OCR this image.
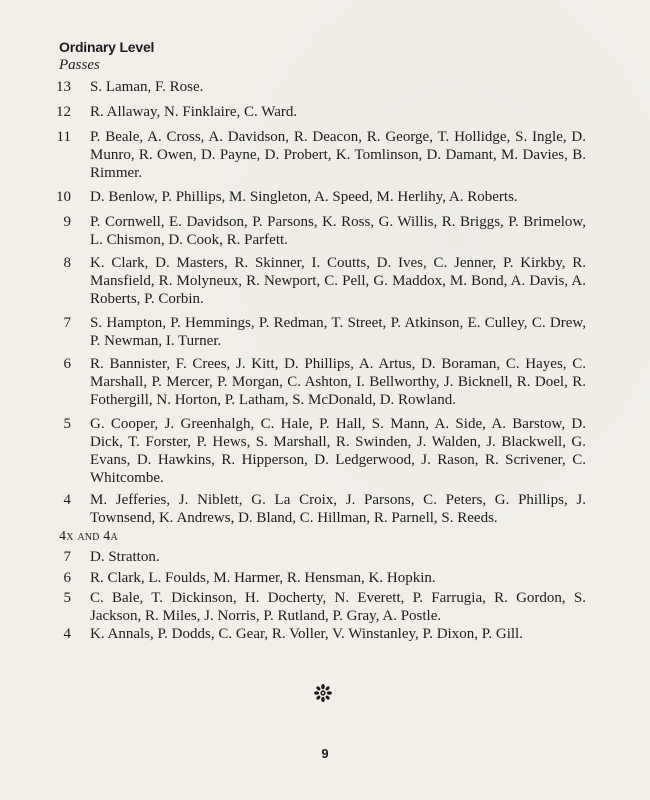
Ordinary Level
Passes
13 S. Laman, F. Rose.
12 R. Allaway, N. Finklaire, C. Ward.
11 P. Beale, A. Cross, A. Davidson, R. Deacon, R. George, T. Hollidge, S. Ingle, D. Munro, R. Owen, D. Payne, D. Probert, K. Tomlinson, D. Damant, M. Davies, B. Rimmer.
10 D. Benlow, P. Phillips, M. Singleton, A. Speed, M. Herlihy, A. Roberts.
9 P. Cornwell, E. Davidson, P. Parsons, K. Ross, G. Willis, R. Briggs, P. Brimelow, L. Chismon, D. Cook, R. Parfett.
8 K. Clark, D. Masters, R. Skinner, I. Coutts, D. Ives, C. Jenner, P. Kirkby, R. Mansfield, R. Molyneux, R. Newport, C. Pell, G. Maddox, M. Bond, A. Davis, A. Roberts, P. Corbin.
7 S. Hampton, P. Hemmings, P. Redman, T. Street, P. Atkinson, E. Culley, C. Drew, P. Newman, I. Turner.
6 R. Bannister, F. Crees, J. Kitt, D. Phillips, A. Artus, D. Boraman, C. Hayes, C. Marshall, P. Mercer, P. Morgan, C. Ashton, I. Bellworthy, J. Bicknell, R. Doel, R. Fothergill, N. Horton, P. Latham, S. McDonald, D. Rowland.
5 G. Cooper, J. Greenhalgh, C. Hale, P. Hall, S. Mann, A. Side, A. Barstow, D. Dick, T. Forster, P. Hews, S. Marshall, R. Swinden, J. Walden, J. Blackwell, G. Evans, D. Hawkins, R. Hipperson, D. Ledgerwood, J. Rason, R. Scrivener, C. Whitcombe.
4 M. Jefferies, J. Niblett, G. La Croix, J. Parsons, C. Peters, G. Phillips, J. Townsend, K. Andrews, D. Bland, C. Hillman, R. Parnell, S. Reeds.
4x and 4a
7 D. Stratton.
6 R. Clark, L. Foulds, M. Harmer, R. Hensman, K. Hopkin.
5 C. Bale, T. Dickinson, H. Docherty, N. Everett, P. Farrugia, R. Gordon, S. Jackson, R. Miles, J. Norris, P. Rutland, P. Gray, A. Postle.
4 K. Annals, P. Dodds, C. Gear, R. Voller, V. Winstanley, P. Dixon, P. Gill.
9
